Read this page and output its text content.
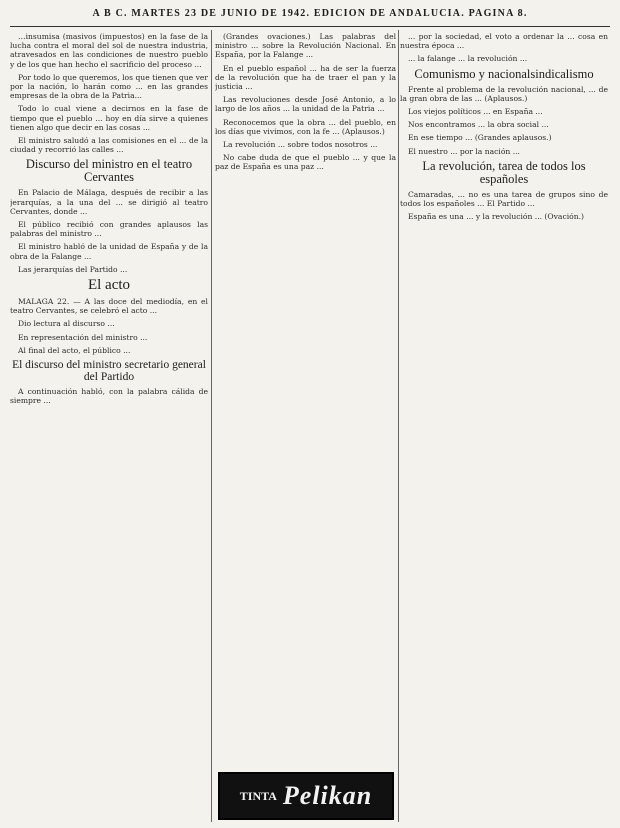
A B C. MARTES 23 DE JUNIO DE 1942. EDICION DE ANDALUCIA. PAGINA 8.

…insumisa (masivos (impuestos) en la fase de la lucha contra el moral del sol de nuestra industria, atravesados en las condiciones de nuestro pueblo y de los que han hecho el sacrificio del proceso ...

Por todo lo que queremos, los que tienen que ver por la nación, lo harán como ... en las grandes empresas de la obra de la Patria...

Todo lo cual viene a decirnos en la fase de tiempo que el pueblo ... hoy en día sirve a quienes tienen algo que decir en las cosas ...

El ministro saludó a las comisiones en el ... de la ciudad y recorrió las calles ...

Discurso del ministro en el teatro Cervantes

En Palacio de Málaga, después de recibir a las jerarquías, a la una del ... se dirigió al teatro Cervantes, donde ...

El público recibió con grandes aplausos las palabras del ministro ...

El ministro habló de la unidad de España y de la obra de la Falange ...

Las jerarquías del Partido ...

El acto

MALAGA 22. — A las doce del mediodía, en el teatro Cervantes, se celebró el acto ...

Dio lectura al discurso ...

En representación del ministro ...

Al final del acto, el público ...

El discurso del ministro secretario general del Partido

A continuación habló, con la palabra cálida de siempre ...

(Grandes ovaciones.) Las palabras del ministro ... sobre la Revolución Nacional. En España, por la Falange ...

En el pueblo español ... ha de ser la fuerza de la revolución que ha de traer el pan y la justicia ...

Las revoluciones desde José Antonio, a lo largo de los años ... la unidad de la Patria ...

Reconocemos que la obra ... del pueblo, en los días que vivimos, con la fe ... (Aplausos.)

La revolución ... sobre todos nosotros ...

No cabe duda de que el pueblo ... y que la paz de España es una paz ...

TINTA Pelikan

... por la sociedad, el voto a ordenar la ... cosa en nuestra época ...

... la falange ... la revolución ...

Comunismo y nacionalsindicalismo

Frente al problema de la revolución nacional, ... de la gran obra de las ... (Aplausos.)

Los viejos políticos ... en España ...

Nos encontramos ... la obra social ...

En ese tiempo ... (Grandes aplausos.)

El nuestro ... por la nación ...

La revolución, tarea de todos los españoles

Camaradas, ... no es una tarea de grupos sino de todos los españoles ... El Partido ...

España es una ... y la revolución ... (Ovación.)
